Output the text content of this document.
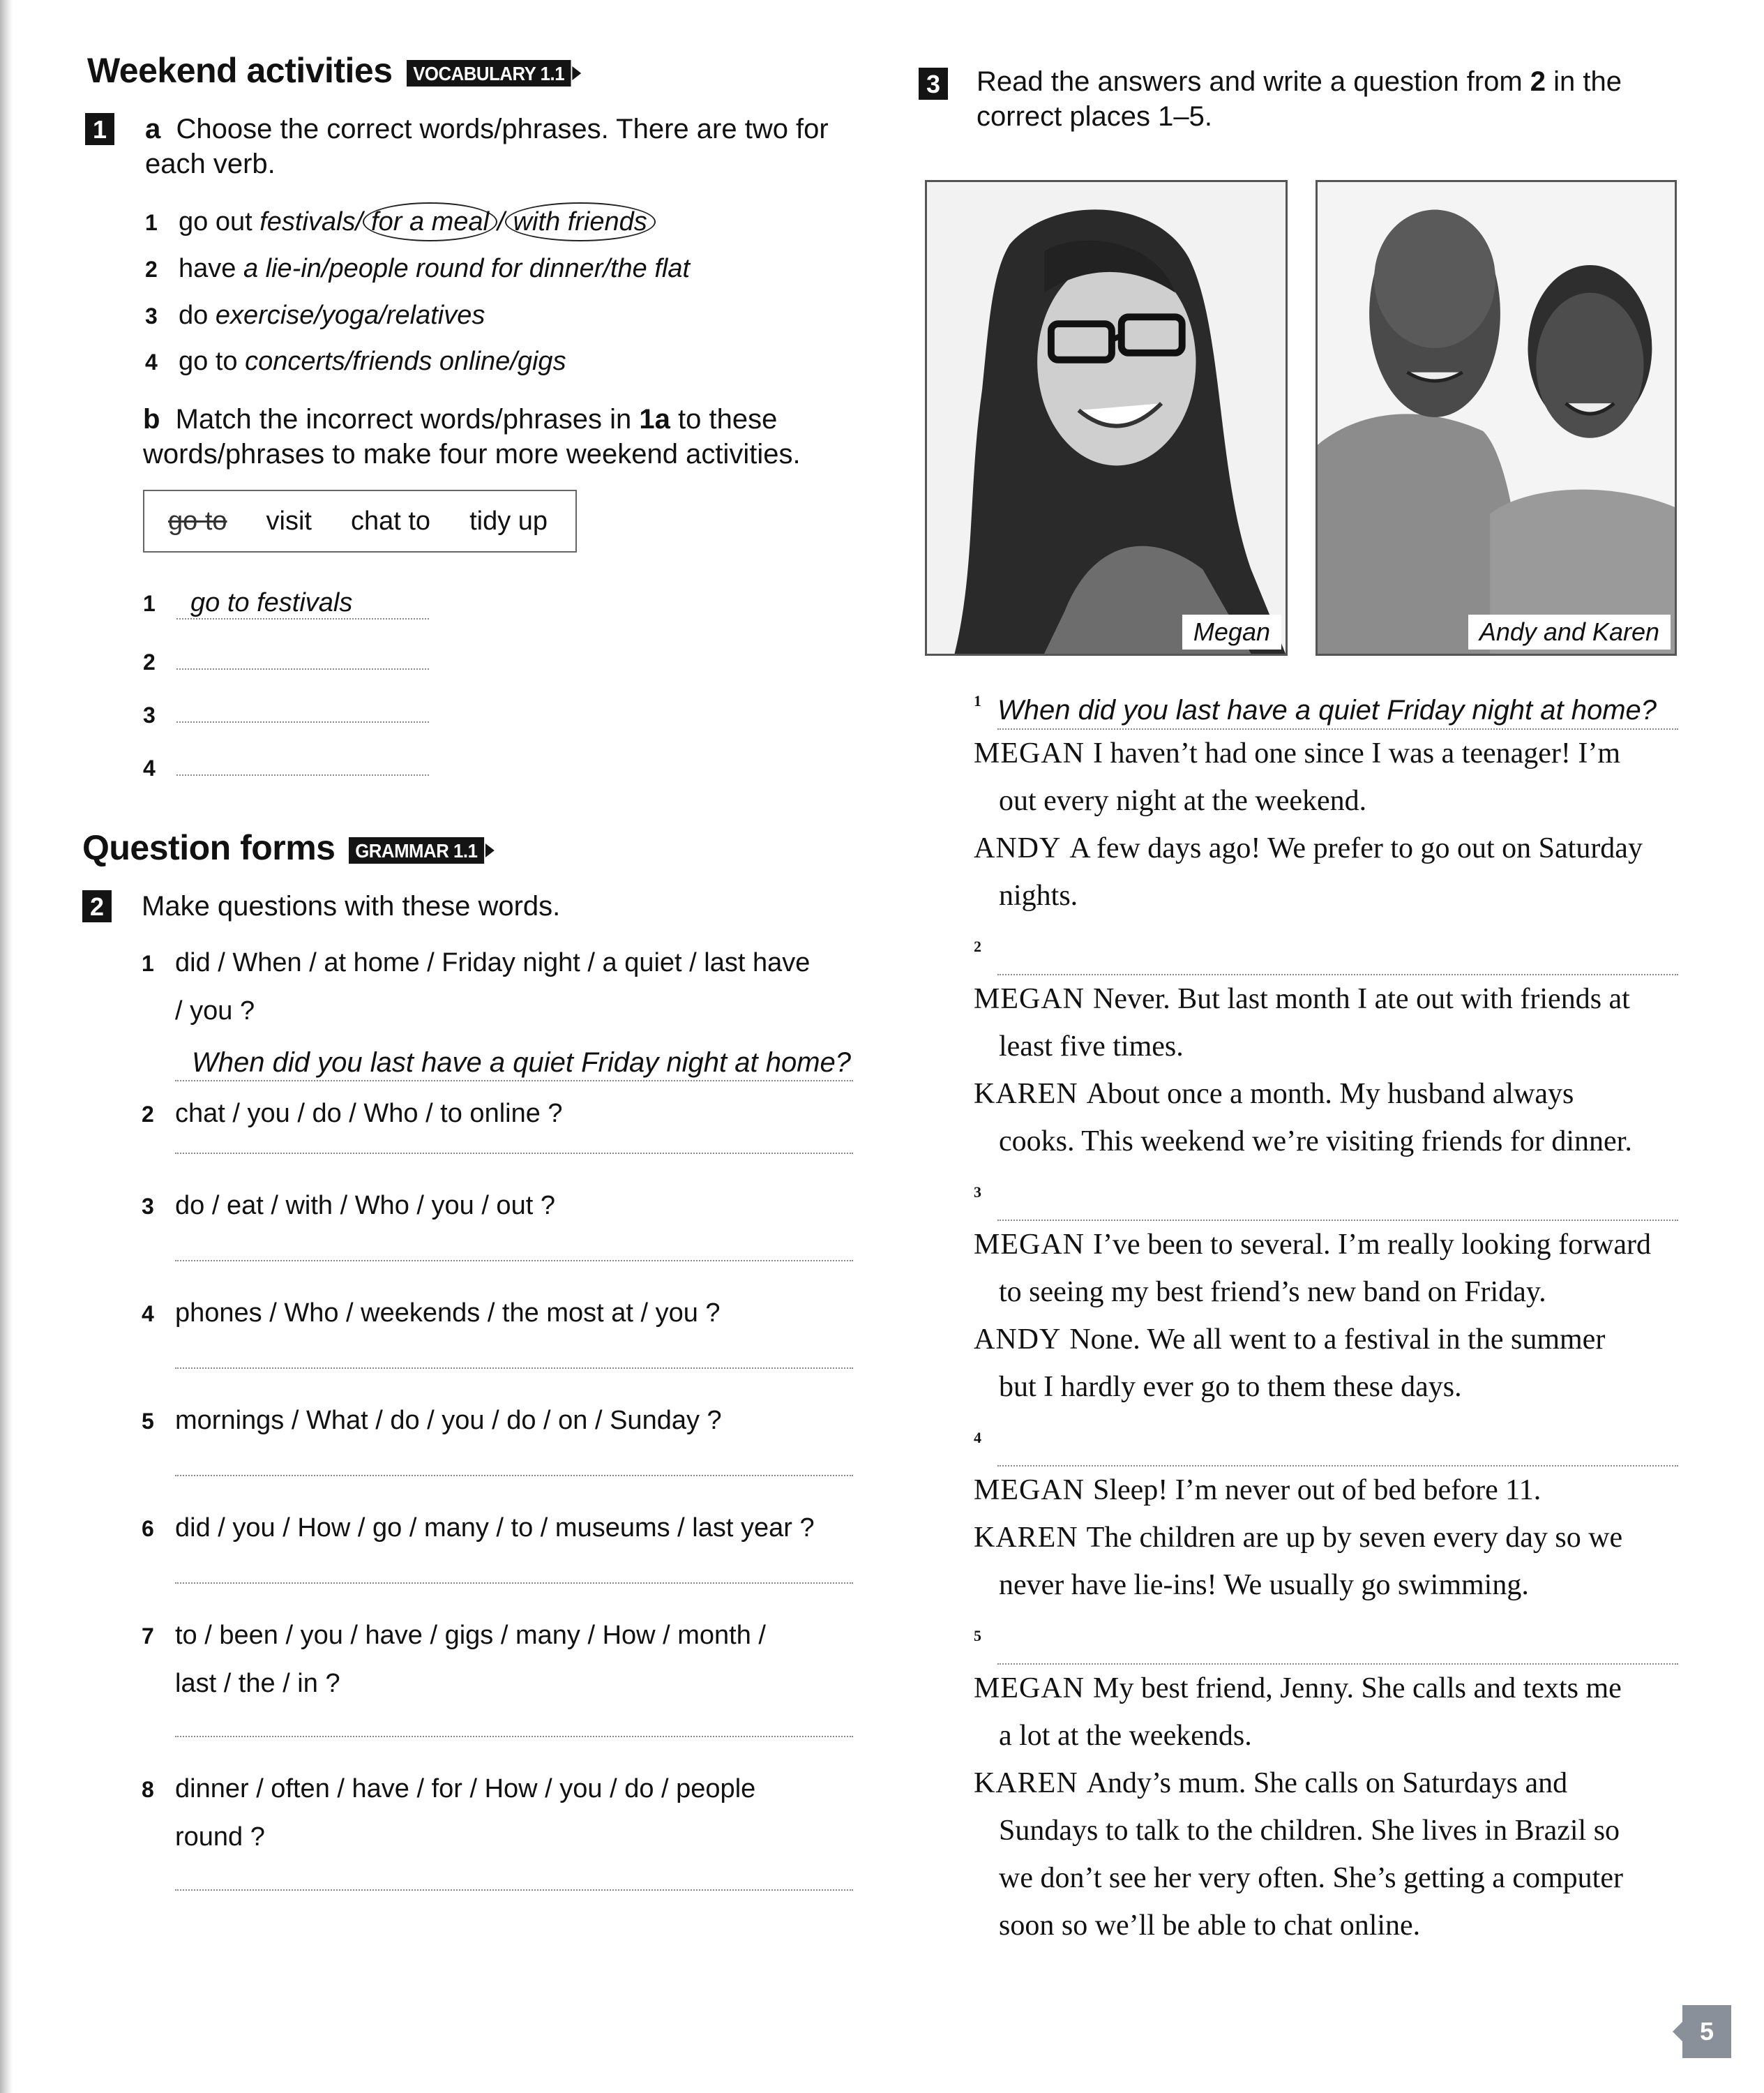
Weekend activities VOCABULARY 1.1
1 a Choose the correct words/phrases. There are two for each verb.
1 go out festivals/ for a meal / with friends
2 have a lie-in/people round for dinner/the flat
3 do exercise/yoga/relatives
4 go to concerts/friends online/gigs
b Match the incorrect words/phrases in 1a to these words/phrases to make four more weekend activities.
go to visit chat to tidy up
1 go to festivals
2
3
4
Question forms GRAMMAR 1.1
2 Make questions with these words.
1 did / When / at home / Friday night / a quiet / last have
/ you ?
When did you last have a quiet Friday night at home?
2 chat / you / do / Who / to online ?
3 do / eat / with / Who / you / out ?
4 phones / Who / weekends / the most at / you ?
5 mornings / What / do / you / do / on / Sunday ?
6 did / you / How / go / many / to / museums / last year ?
7 to / been / you / have / gigs / many / How / month /
last / the / in ?
8 dinner / often / have / for / How / you / do / people
round ?
3 Read the answers and write a question from 2 in the correct places 1–5.
Megan	Andy and Karen
1 When did you last have a quiet Friday night at home?
MEGAN I haven’t had one since I was a teenager! I’m
out every night at the weekend.
ANDY A few days ago! We prefer to go out on Saturday
nights.
2
MEGAN Never. But last month I ate out with friends at
least five times.
KAREN About once a month. My husband always
cooks. This weekend we’re visiting friends for dinner.
3
MEGAN I’ve been to several. I’m really looking forward
to seeing my best friend’s new band on Friday.
ANDY None. We all went to a festival in the summer
but I hardly ever go to them these days.
4
MEGAN Sleep! I’m never out of bed before 11.
KAREN The children are up by seven every day so we
never have lie-ins! We usually go swimming.
5
MEGAN My best friend, Jenny. She calls and texts me
a lot at the weekends.
KAREN Andy’s mum. She calls on Saturdays and
Sundays to talk to the children. She lives in Brazil so
we don’t see her very often. She’s getting a computer
soon so we’ll be able to chat online.
5
